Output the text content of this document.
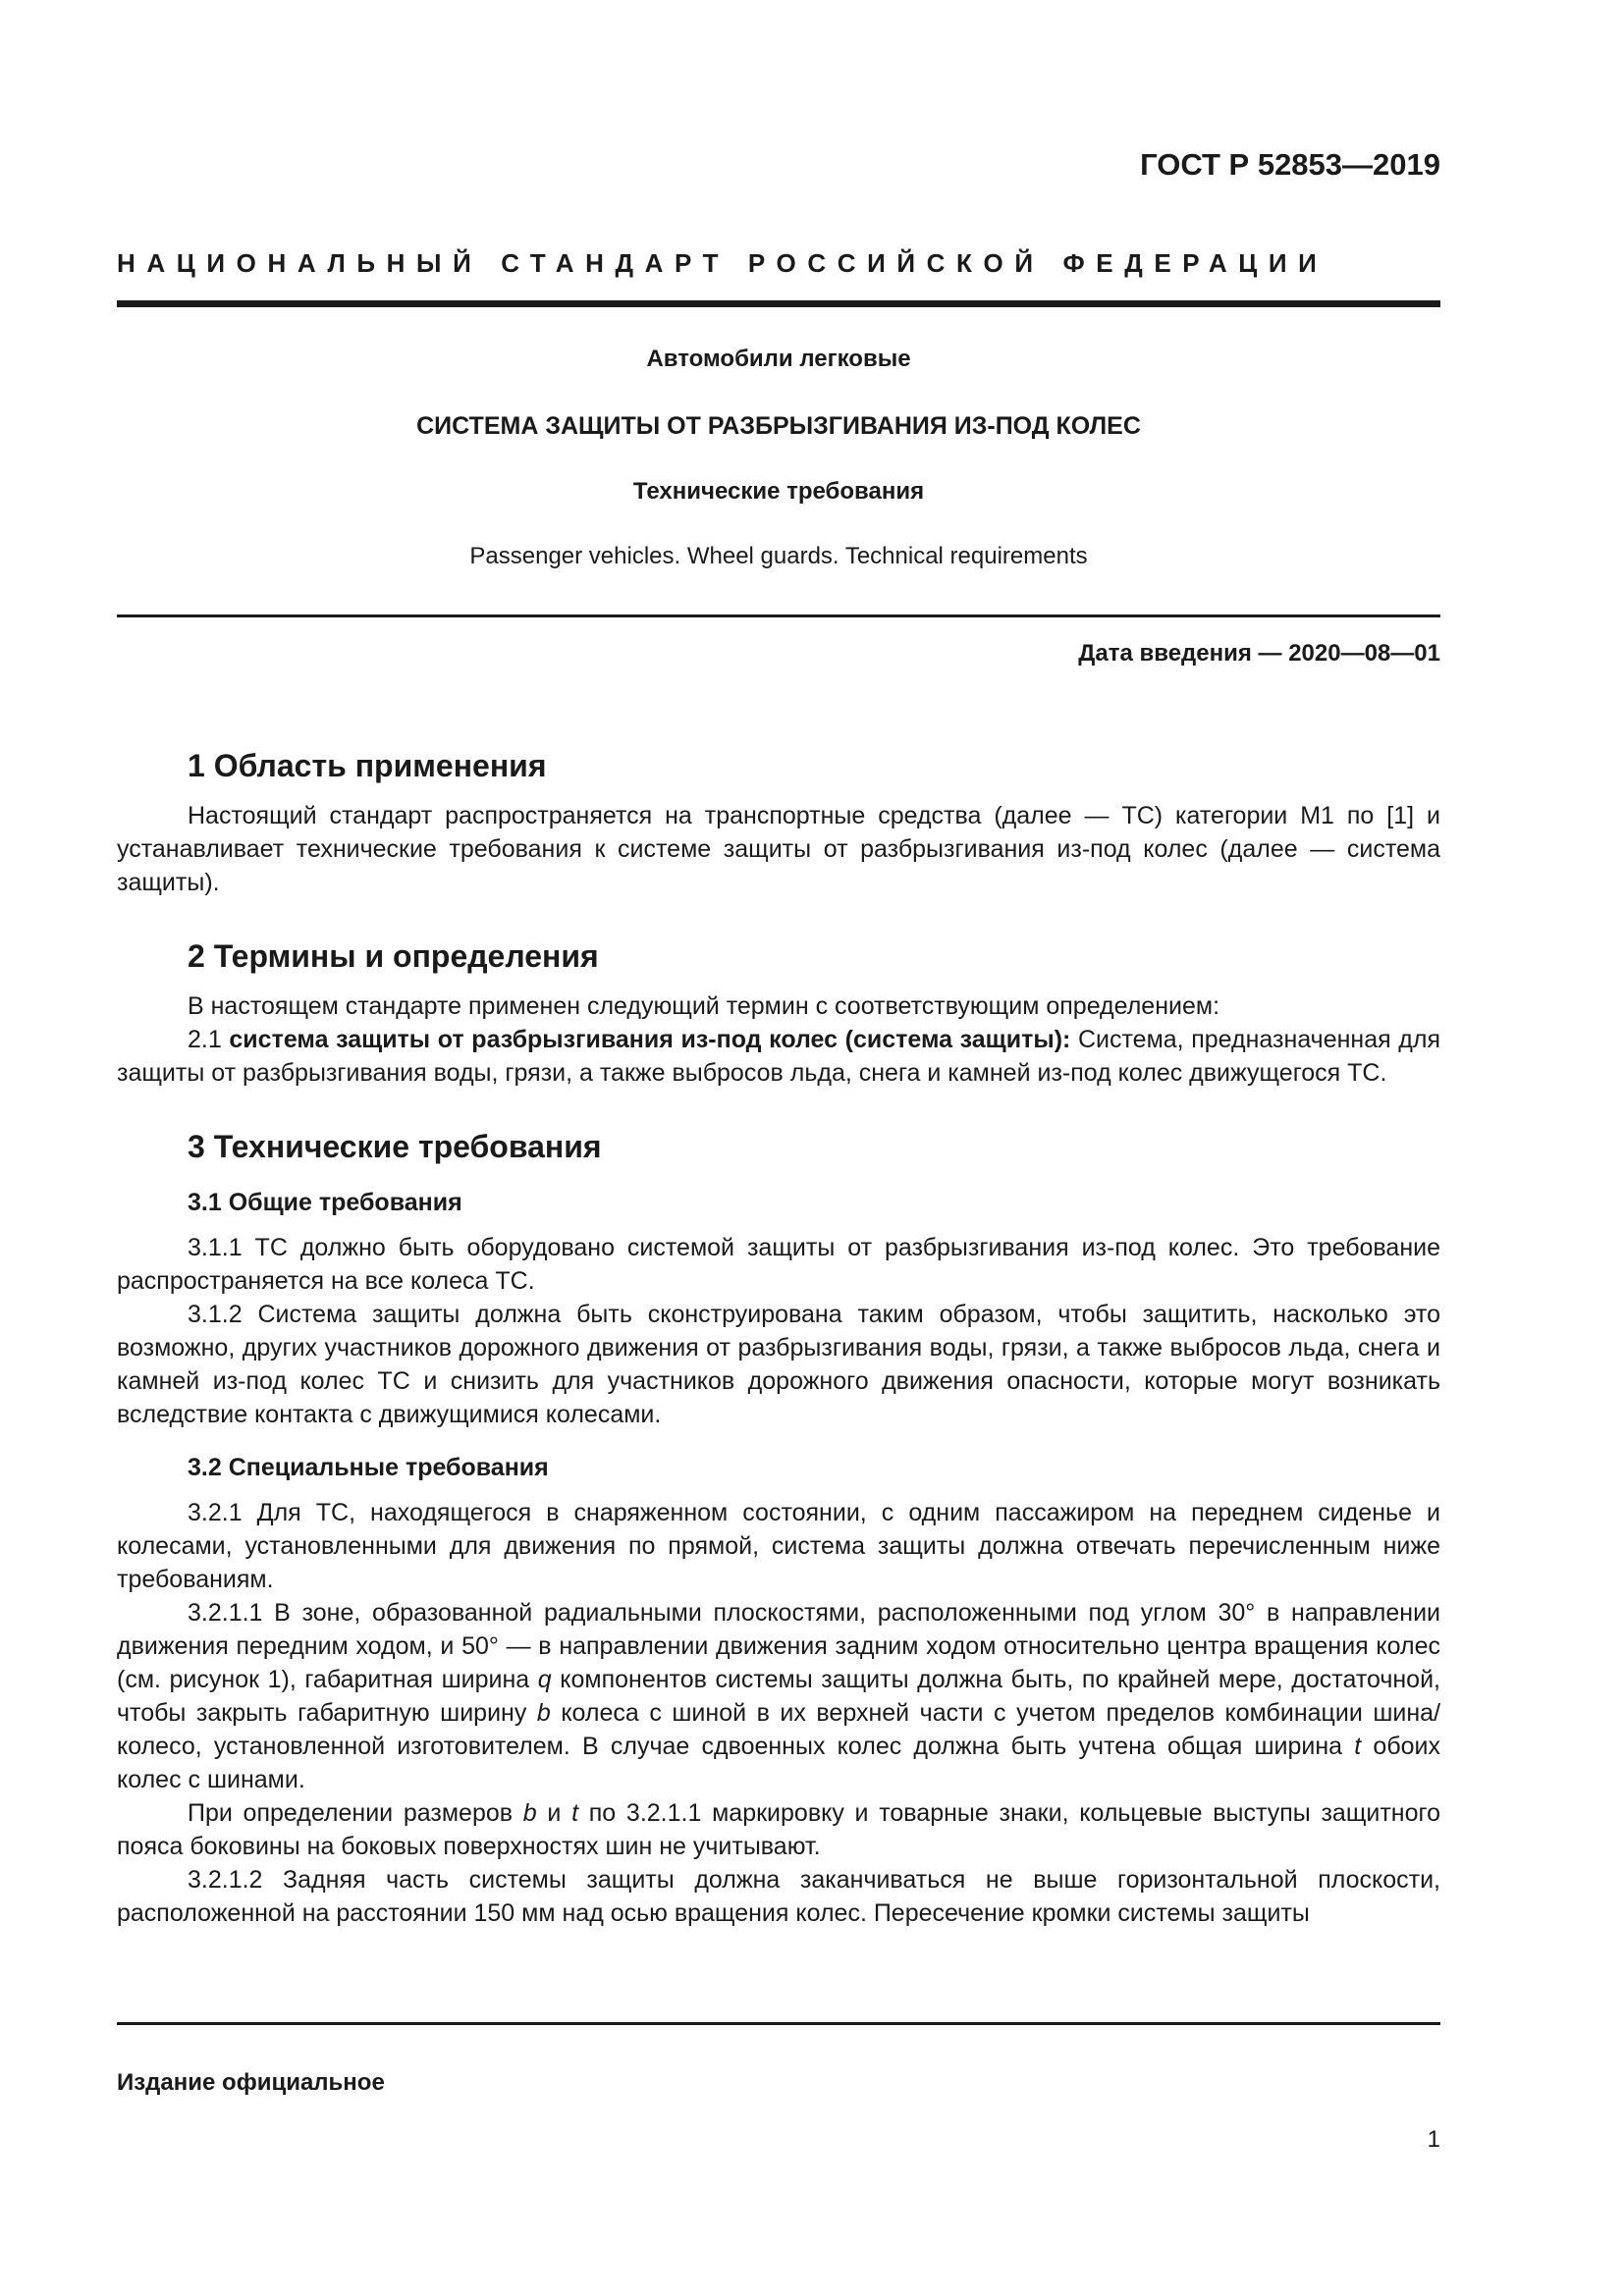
ГОСТ Р 52853—2019
НАЦИОНАЛЬНЫЙ СТАНДАРТ РОССИЙСКОЙ ФЕДЕРАЦИИ
Автомобили легковые
СИСТЕМА ЗАЩИТЫ ОТ РАЗБРЫЗГИВАНИЯ ИЗ-ПОД КОЛЕС
Технические требования
Passenger vehicles. Wheel guards. Technical requirements
Дата введения — 2020—08—01
1 Область применения

Настоящий стандарт распространяется на транспортные средства (далее — ТС) категории М1 по [1] и устанавливает технические требования к системе защиты от разбрызгивания из-под колес (далее — система защиты).

2 Термины и определения

В настоящем стандарте применен следующий термин с соответствующим определением:

2.1 система защиты от разбрызгивания из-под колес (система защиты): Система, предназначенная для защиты от разбрызгивания воды, грязи, а также выбросов льда, снега и камней из-под колес движущегося ТС.

3 Технические требования
3.1 Общие требования

3.1.1 ТС должно быть оборудовано системой защиты от разбрызгивания из-под колес. Это требование распространяется на все колеса ТС.

3.1.2 Система защиты должна быть сконструирована таким образом, чтобы защитить, насколько это возможно, других участников дорожного движения от разбрызгивания воды, грязи, а также выбросов льда, снега и камней из-под колес ТС и снизить для участников дорожного движения опасности, которые могут возникать вследствие контакта с движущимися колесами.

3.2 Специальные требования

3.2.1 Для ТС, находящегося в снаряженном состоянии, с одним пассажиром на переднем сиденье и колесами, установленными для движения по прямой, система защиты должна отвечать перечисленным ниже требованиям.

3.2.1.1 В зоне, образованной радиальными плоскостями, расположенными под углом 30° в направлении движения передним ходом, и 50° — в направлении движения задним ходом относительно центра вращения колес (см. рисунок 1), габаритная ширина q компонентов системы защиты должна быть, по крайней мере, достаточной, чтобы закрыть габаритную ширину b колеса с шиной в их верхней части с учетом пределов комбинации шина/колесо, установленной изготовителем. В случае сдвоенных колес должна быть учтена общая ширина t обоих колес с шинами.

При определении размеров b и t по 3.2.1.1 маркировку и товарные знаки, кольцевые выступы защитного пояса боковины на боковых поверхностях шин не учитывают.

3.2.1.2 Задняя часть системы защиты должна заканчиваться не выше горизонтальной плоскости, расположенной на расстоянии 150 мм над осью вращения колес. Пересечение кромки системы защиты

Издание официальное
1
